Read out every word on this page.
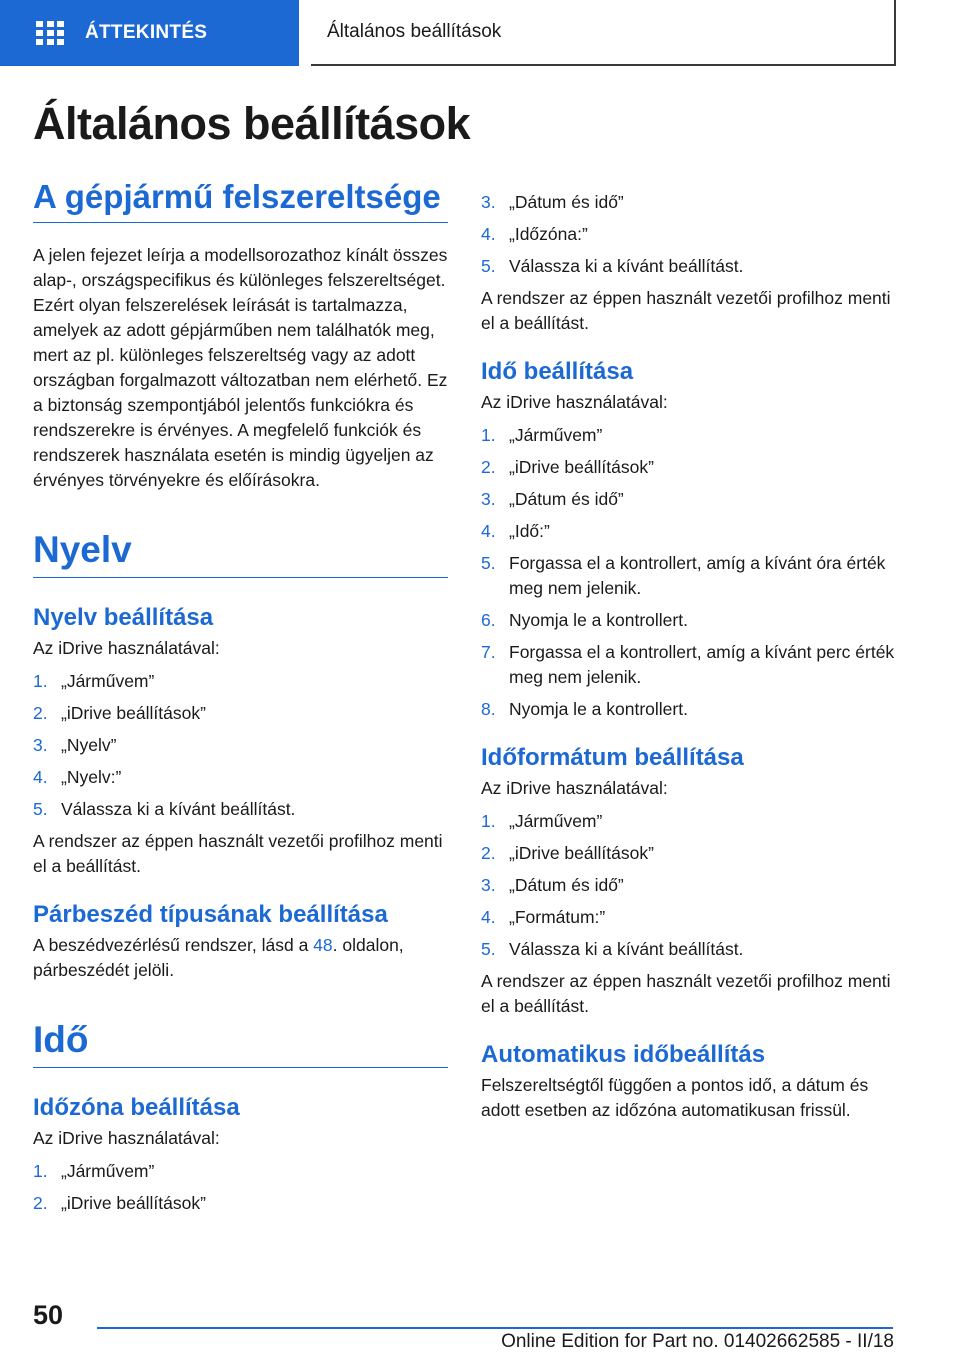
ÁTTEKINTÉS	Általános beállítások
Általános beállítások
A gépjármű felszereltsége

A jelen fejezet leírja a modellsorozathoz kínált összes alap-, országspecifikus és különleges felszereltséget. Ezért olyan felszerelések leírását is tartalmazza, amelyek az adott gépjárműben nem találhatók meg, mert az pl. különleges felszereltség vagy az adott országban forgalmazott változatban nem elérhető. Ez a biztonság szempontjából jelentős funkciókra és rendszerekre is érvényes. A megfelelő funkciók és rendszerek használata esetén is mindig ügyeljen az érvényes törvényekre és előírásokra.

Nyelv
Nyelv beállítása

Az iDrive használatával:

1. „Járművem”
2. „iDrive beállítások”
3. „Nyelv”
4. „Nyelv:”
5. Válassza ki a kívánt beállítást.

A rendszer az éppen használt vezetői profilhoz menti el a beállítást.

Párbeszéd típusának beállítása

A beszédvezérlésű rendszer, lásd a 48. oldalon, párbeszédét jelöli.

Idő
Időzóna beállítása

Az iDrive használatával:

1. „Járművem”
2. „iDrive beállítások”
3. „Dátum és idő”
4. „Időzóna:”
5. Válassza ki a kívánt beállítást.

A rendszer az éppen használt vezetői profilhoz menti el a beállítást.

Idő beállítása

Az iDrive használatával:

1. „Járművem”
2. „iDrive beállítások”
3. „Dátum és idő”
4. „Idő:”
5. Forgassa el a kontrollert, amíg a kívánt óra érték meg nem jelenik.
6. Nyomja le a kontrollert.
7. Forgassa el a kontrollert, amíg a kívánt perc érték meg nem jelenik.
8. Nyomja le a kontrollert.
Időformátum beállítása

Az iDrive használatával:

1. „Járművem”
2. „iDrive beállítások”
3. „Dátum és idő”
4. „Formátum:”
5. Válassza ki a kívánt beállítást.

A rendszer az éppen használt vezetői profilhoz menti el a beállítást.

Automatikus időbeállítás

Felszereltségtől függően a pontos idő, a dátum és adott esetben az időzóna automatikusan frissül.

50
Online Edition for Part no. 01402662585 - II/18
